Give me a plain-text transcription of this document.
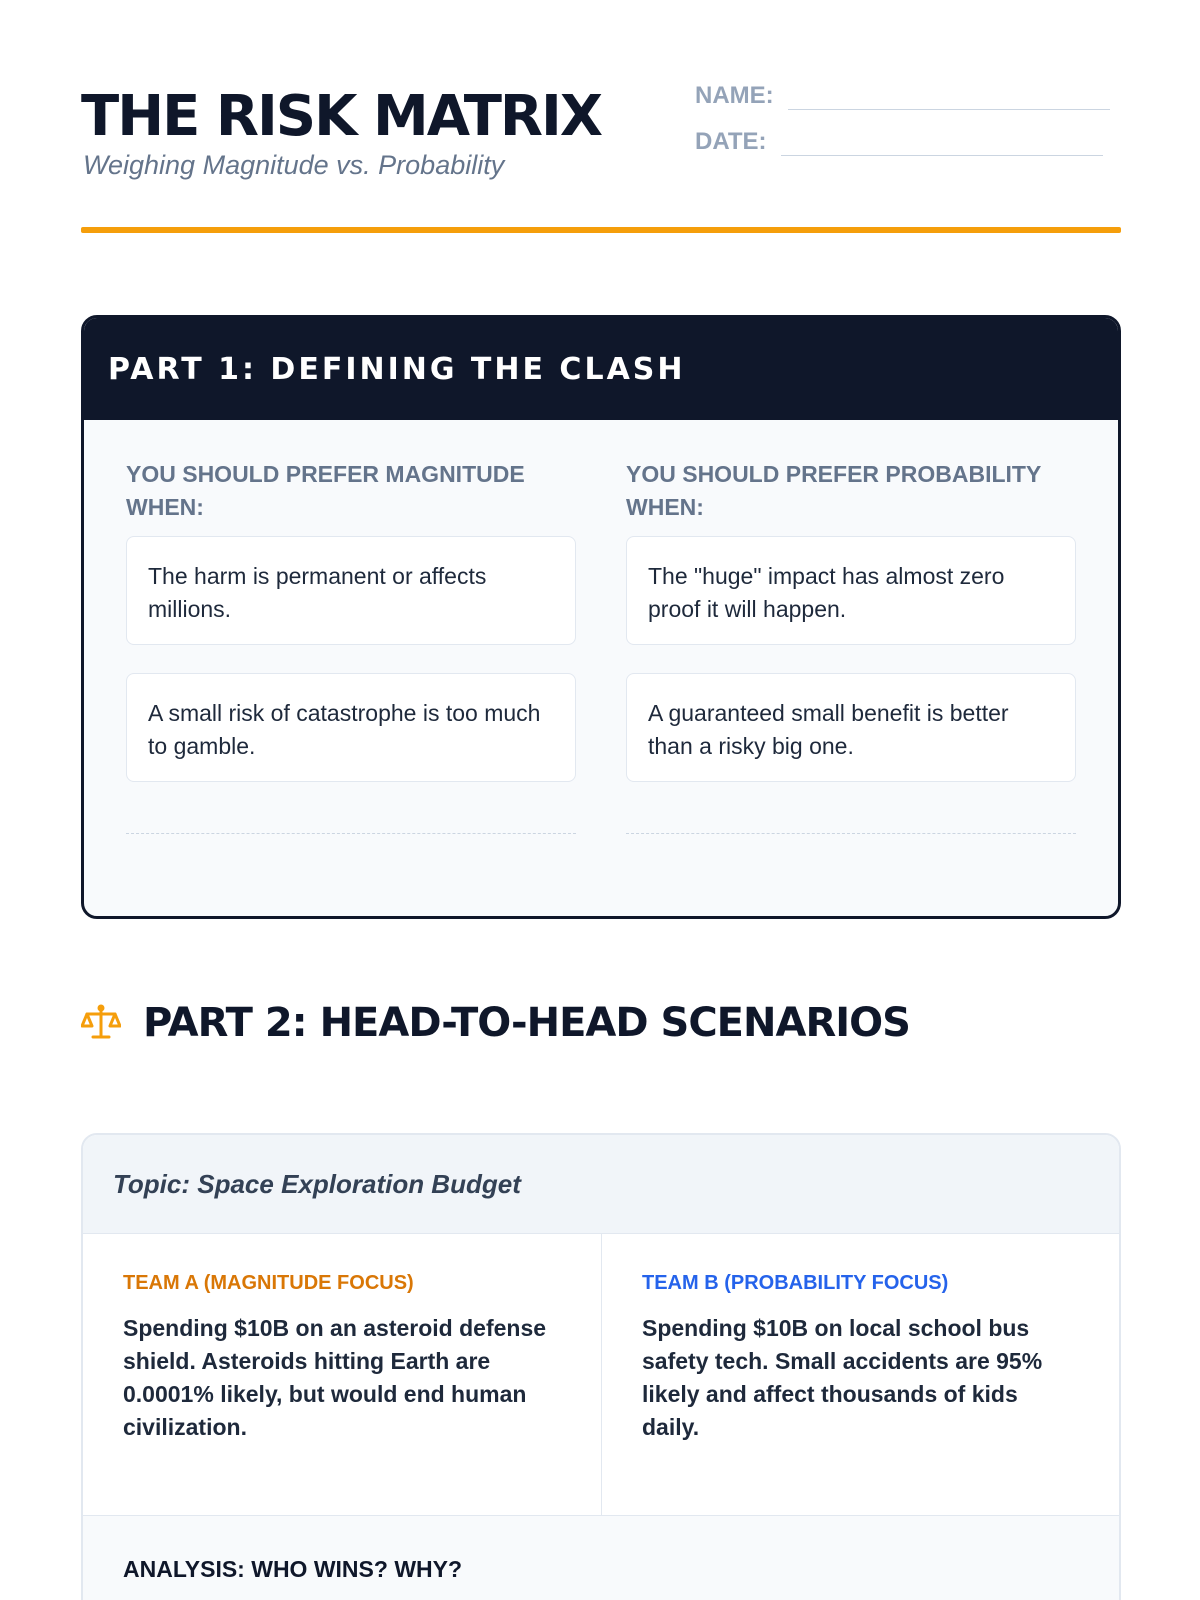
THE RISK MATRIX
Weighing Magnitude vs. Probability
NAME:
DATE:
PART 1: DEFINING THE CLASH
YOU SHOULD PREFER MAGNITUDE WHEN:
The harm is permanent or affects millions.
A small risk of catastrophe is too much to gamble.
YOU SHOULD PREFER PROBABILITY WHEN:
The "huge" impact has almost zero proof it will happen.
A guaranteed small benefit is better than a risky big one.
PART 2: HEAD-TO-HEAD SCENARIOS
Topic: Space Exploration Budget
TEAM A (MAGNITUDE FOCUS)
Spending $10B on an asteroid defense shield. Asteroids hitting Earth are 0.0001% likely, but would end human civilization.
TEAM B (PROBABILITY FOCUS)
Spending $10B on local school bus safety tech. Small accidents are 95% likely and affect thousands of kids daily.
ANALYSIS: WHO WINS? WHY?
